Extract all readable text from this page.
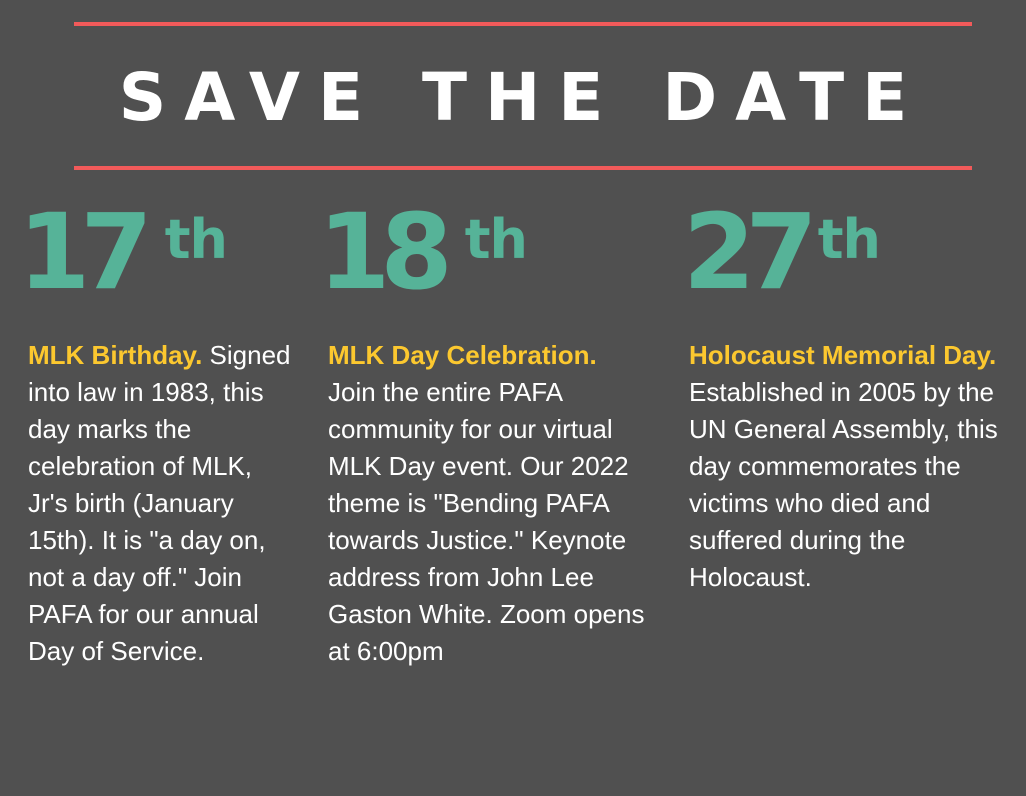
SAVE THE DATE
17 th 18 th 27 th
MLK Birthday. Signed into law in 1983, this day marks the celebration of MLK, Jr's birth (January 15th). It is "a day on, not a day off." Join PAFA for our annual Day of Service.
MLK Day Celebration. Join the entire PAFA community for our virtual MLK Day event. Our 2022 theme is "Bending PAFA towards Justice." Keynote address from John Lee Gaston White. Zoom opens at 6:00pm
Holocaust Memorial Day. Established in 2005 by the UN General Assembly, this day commemorates the victims who died and suffered during the Holocaust.
